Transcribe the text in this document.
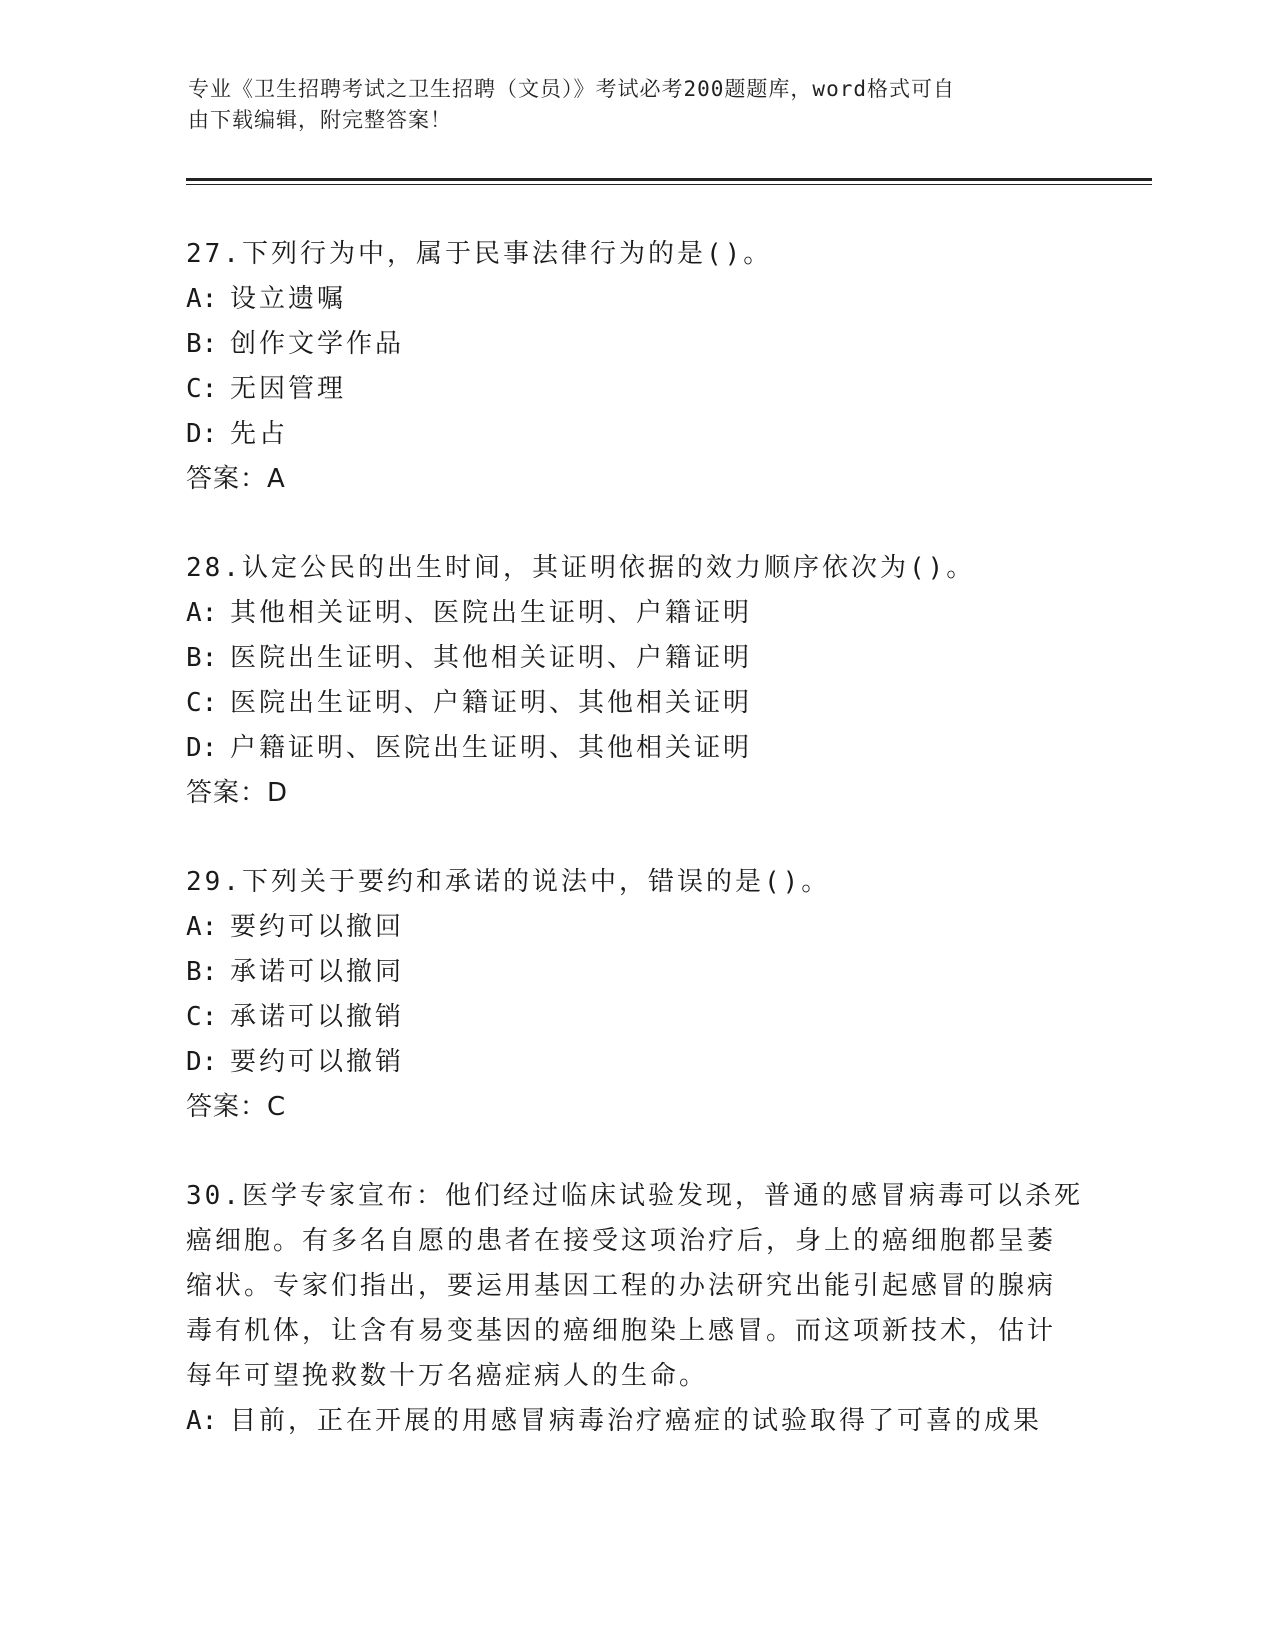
专业《卫生招聘考试之卫生招聘（文员）》考试必考200题题库，word格式可自
由下载编辑，附完整答案！
27.下列行为中，属于民事法律行为的是()。
A: 设立遗嘱
B: 创作文学作品
C: 无因管理
D: 先占
答案：A
28.认定公民的出生时间，其证明依据的效力顺序依次为()。
A: 其他相关证明、医院出生证明、户籍证明
B: 医院出生证明、其他相关证明、户籍证明
C: 医院出生证明、户籍证明、其他相关证明
D: 户籍证明、医院出生证明、其他相关证明
答案：D
29.下列关于要约和承诺的说法中，错误的是()。
A: 要约可以撤回
B: 承诺可以撤同
C: 承诺可以撤销
D: 要约可以撤销
答案：C
30.医学专家宣布：他们经过临床试验发现，普通的感冒病毒可以杀死
癌细胞。有多名自愿的患者在接受这项治疗后，身上的癌细胞都呈萎
缩状。专家们指出，要运用基因工程的办法研究出能引起感冒的腺病
毒有机体，让含有易变基因的癌细胞染上感冒。而这项新技术，估计
每年可望挽救数十万名癌症病人的生命。
A: 目前，正在开展的用感冒病毒治疗癌症的试验取得了可喜的成果
